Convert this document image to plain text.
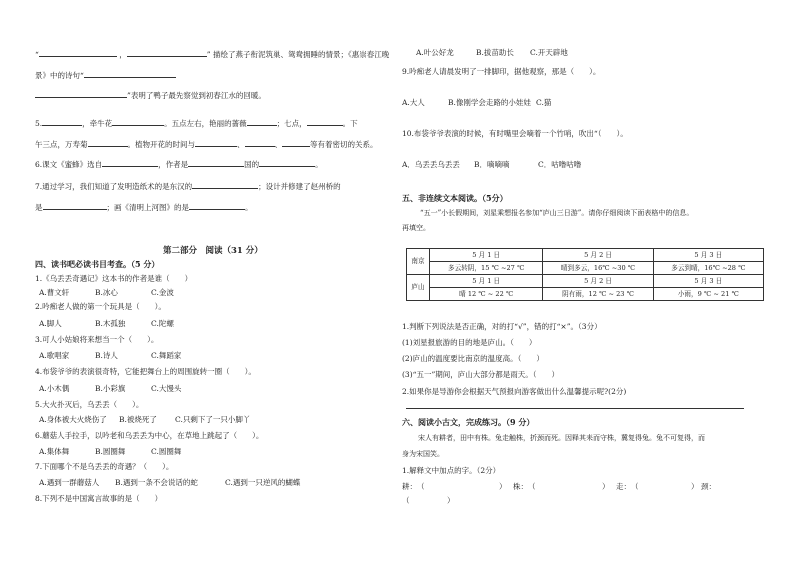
“	，	” 描绘了燕子衔泥筑巢、鸳鸯拥睡的情景；《惠崇春江晚
景》中的诗句“
”表明了鸭子最先察觉到初春江水的回暖。
5.	，牵牛花	。五点左右，艳丽的蔷薇	；七点，	。下
午三点，万寿菊	。植物开花的时间与	、	、	等有着密切的关系。
6.课文《蜜蜂》选自	，作者是	国的	。
7.通过学习，我们知道了发明造纸术的是东汉的	；设计并修建了赵州桥的
是	；画《清明上河图》的是	。
第二部分　阅读（31 分）
四、读书吧必读书目考查。（5 分）
1.《乌丢丢奇遇记》这本书的作者是谁（　　）
A.曹文轩	B.冰心	C.金波
2.吟痴老人做的第一个玩具是（　　）。
A.脚人	B.木孤独	C.陀螺
3.可人小姑娘将来想当一个（　　）。
A.歌唱家	B.诗人	C.舞蹈家
4.布袋爷爷的表演很奇特，它能把舞台上的周围旋转一圈（　　）。
A.小木偶	B.小彩旗	C.大馒头
5.大火扑灭后，乌丢丢（　　）。
A.身体被大火烧伤了 B.被烧死了 C.只剩下了一只小脚丫
6.蘑菇人手拉手，以吟老和乌丢丢为中心，在草地上跳起了（　　）。
A.集体舞	B.圆圈舞	C.圆圈舞
7.下面哪个不是乌丢丢的奇遇？（　　）。
A.遇到一群蘑菇人 B.遇到一条不会说话的蛇	C.遇到一只逆风的蝴蝶
8.下列不是中国寓言故事的是（　　）
A.叶公好龙	B.拔苗助长 C.开天辟地
9.吟痴老人请晨发明了一排脚印，据他观察，那是（　　）。
A.大人	B.像刚学会走路的小娃娃 C.猫
10.布袋爷爷表演的时候，有时嘴里会嘀着一个竹哨，吹出“（　　）。
A．乌丢丢乌丢丢 B．嘀嘀嘀	C．咕噜咕噜
五、非连续文本阅读。（5分）
“五一”小长假期间，刘星乘想报名参加“庐山三日游”。请你仔细阅读下面表格中的信息。
再填空。
南京	5 月 1 日	5 月 2 日	5 月 3 日
	多云转阴，15 ℃ ~27 ℃	晴到多云，16℃ ~30 ℃	多云到晴，16℃ ~28 ℃
庐山	5 月 1 日	5 月 2 日	5 月 3 日
	晴 12 ℃ ~ 22 ℃	阴有雨，12 ℃ ~ 23 ℃	小雨，9 ℃ ~ 21 ℃
1.判断下列说法是否正确，对的打“√”，错的打“×”。（3分）
(1)刘星报旅游的目的地是庐山。（　　）
(2)庐山的温度要比南京的温度高。（　　）
(3)“五一”期间，庐山大部分都是雨天。（　　）
2.如果你是导游你会根据天气预报向游客做出什么温馨提示呢?(2分)
六、阅读小古文，完成练习。（9 分）
宋人有耕者，田中有株。兔走触株，折颈而死。因释其耒而守株，冀复得兔。兔不可复得，而
身为宋国笑。
1.解释文中加点的字。（2分）
耕：（	） 株：（	） 走：（	） 颈：
（　　　　　）
